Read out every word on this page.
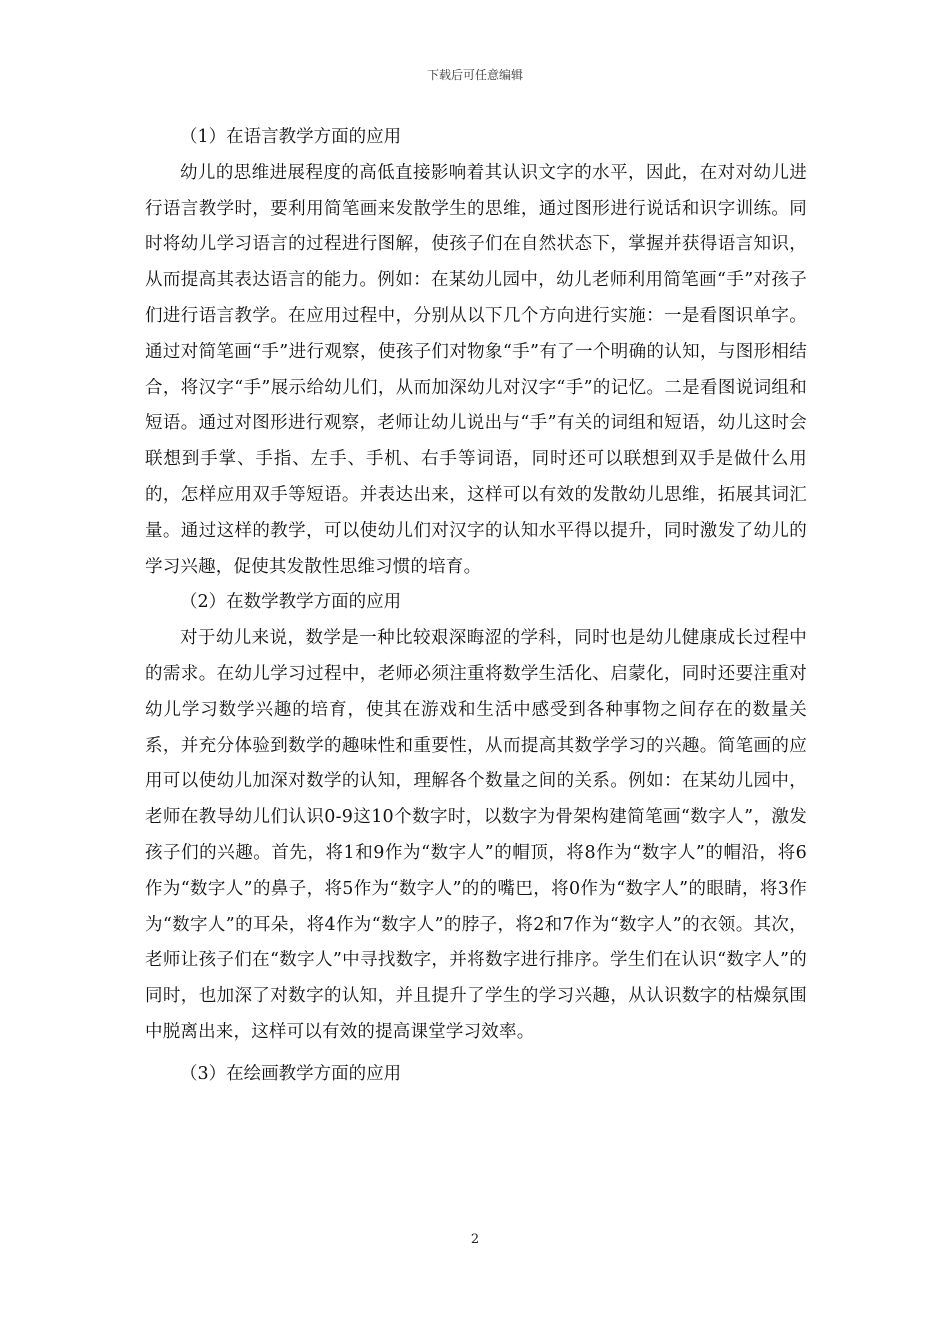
下载后可任意编辑

（1）在语言教学方面的应用

幼儿的思维进展程度的高低直接影响着其认识文字的水平，因此，在对对幼儿进行语言教学时，要利用简笔画来发散学生的思维，通过图形进行说话和识字训练。同时将幼儿学习语言的过程进行图解，使孩子们在自然状态下，掌握并获得语言知识，从而提高其表达语言的能力。例如：在某幼儿园中，幼儿老师利用简笔画“手”对孩子们进行语言教学。在应用过程中，分别从以下几个方向进行实施：一是看图识单字。通过对简笔画“手”进行观察，使孩子们对物象“手”有了一个明确的认知，与图形相结合，将汉字“手”展示给幼儿们，从而加深幼儿对汉字“手”的记忆。二是看图说词组和短语。通过对图形进行观察，老师让幼儿说出与“手”有关的词组和短语，幼儿这时会联想到手掌、手指、左手、手机、右手等词语，同时还可以联想到双手是做什么用的，怎样应用双手等短语。并表达出来，这样可以有效的发散幼儿思维，拓展其词汇量。通过这样的教学，可以使幼儿们对汉字的认知水平得以提升，同时激发了幼儿的学习兴趣，促使其发散性思维习惯的培育。

（2）在数学教学方面的应用

对于幼儿来说，数学是一种比较艰深晦涩的学科，同时也是幼儿健康成长过程中的需求。在幼儿学习过程中，老师必须注重将数学生活化、启蒙化，同时还要注重对幼儿学习数学兴趣的培育，使其在游戏和生活中感受到各种事物之间存在的数量关系，并充分体验到数学的趣味性和重要性，从而提高其数学学习的兴趣。简笔画的应用可以使幼儿加深对数学的认知，理解各个数量之间的关系。例如：在某幼儿园中，老师在教导幼儿们认识0-9这10个数字时，以数字为骨架构建简笔画“数字人”，激发孩子们的兴趣。首先，将1和9作为“数字人”的帽顶，将8作为“数字人”的帽沿，将6作为“数字人”的鼻子，将5作为“数字人”的的嘴巴，将0作为“数字人”的眼睛，将3作为“数字人”的耳朵，将4作为“数字人”的脖子，将2和7作为“数字人”的衣领。其次，老师让孩子们在“数字人”中寻找数字，并将数字进行排序。学生们在认识“数字人”的同时，也加深了对数字的认知，并且提升了学生的学习兴趣，从认识数字的枯燥氛围中脱离出来，这样可以有效的提高课堂学习效率。

（3）在绘画教学方面的应用

2
